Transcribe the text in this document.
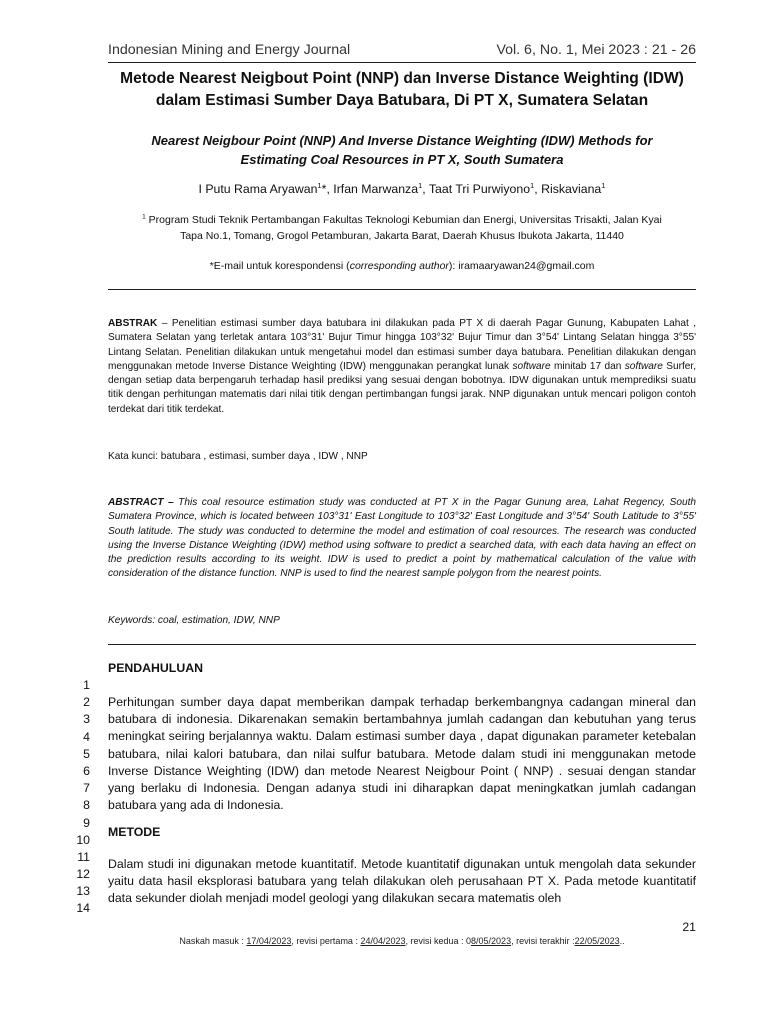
Indonesian Mining and Energy Journal	Vol. 6, No. 1, Mei 2023 : 21 - 26
Metode Nearest Neigbout Point (NNP) dan Inverse Distance Weighting (IDW)
dalam Estimasi Sumber Daya Batubara, Di PT X, Sumatera Selatan
Nearest Neigbour Point (NNP) And Inverse Distance Weighting (IDW) Methods for
Estimating Coal Resources in PT X, South Sumatera
I Putu Rama Aryawan$^1$*, Irfan Marwanza$^1$, Taat Tri Purwiyono$^1$, Riskaviana$^1$
$^1$ Program Studi Teknik Pertambangan Fakultas Teknologi Kebumian dan Energi, Universitas Trisakti, Jalan Kyai
Tapa No.1, Tomang, Grogol Petamburan, Jakarta Barat, Daerah Khusus Ibukota Jakarta, 11440
*E-mail untuk korespondensi (corresponding author): iramaaryawan24@gmail.com

ABSTRAK – Penelitian estimasi sumber daya batubara ini dilakukan pada PT X di daerah Pagar Gunung, Kabupaten Lahat , Sumatera Selatan yang terletak antara 103°31' Bujur Timur hingga 103°32' Bujur Timur dan 3°54' Lintang Selatan hingga 3°55' Lintang Selatan. Penelitian dilakukan untuk mengetahui model dan estimasi sumber daya batubara. Penelitian dilakukan dengan menggunakan metode Inverse Distance Weighting (IDW) menggunakan perangkat lunak software minitab 17 dan software Surfer, dengan setiap data berpengaruh terhadap hasil prediksi yang sesuai dengan bobotnya. IDW digunakan untuk memprediksi suatu titik dengan perhitungan matematis dari nilai titik dengan pertimbangan fungsi jarak. NNP digunakan untuk mencari poligon contoh terdekat dari titik terdekat.

Kata kunci: batubara , estimasi, sumber daya , IDW , NNP

ABSTRACT – This coal resource estimation study was conducted at PT X in the Pagar Gunung area, Lahat Regency, South Sumatera Province, which is located between 103°31' East Longitude to 103°32' East Longitude and 3°54' South Latitude to 3°55' South latitude. The study was conducted to determine the model and estimation of coal resources. The research was conducted using the Inverse Distance Weighting (IDW) method using software to predict a searched data, with each data having an effect on the prediction results according to its weight. IDW is used to predict a point by mathematical calculation of the value with consideration of the distance function. NNP is used to find the nearest sample polygon from the nearest points.

Keywords: coal, estimation, IDW, NNP
1
2
3
4
5
6
7
8
9
10
11
12
13
14
PENDAHULUAN

Perhitungan sumber daya dapat memberikan dampak terhadap berkembangnya cadangan mineral dan batubara di indonesia. Dikarenakan semakin bertambahnya jumlah cadangan dan kebutuhan yang terus meningkat seiring berjalannya waktu. Dalam estimasi sumber daya , dapat digunakan parameter ketebalan batubara, nilai kalori batubara, dan nilai sulfur batubara. Metode dalam studi ini menggunakan metode Inverse Distance Weighting (IDW) dan metode Nearest Neigbour Point ( NNP) . sesuai dengan standar yang berlaku di Indonesia. Dengan adanya studi ini diharapkan dapat meningkatkan jumlah cadangan batubara yang ada di Indonesia.

METODE

Dalam studi ini digunakan metode kuantitatif. Metode kuantitatif digunakan untuk mengolah data sekunder yaitu data hasil eksplorasi batubara yang telah dilakukan oleh perusahaan PT X. Pada metode kuantitatif data sekunder diolah menjadi model geologi yang dilakukan secara matematis oleh

21
Naskah masuk : 17/04/2023, revisi pertama : 24/04/2023, revisi kedua : 08/05/2023, revisi terakhir :22/05/2023..
